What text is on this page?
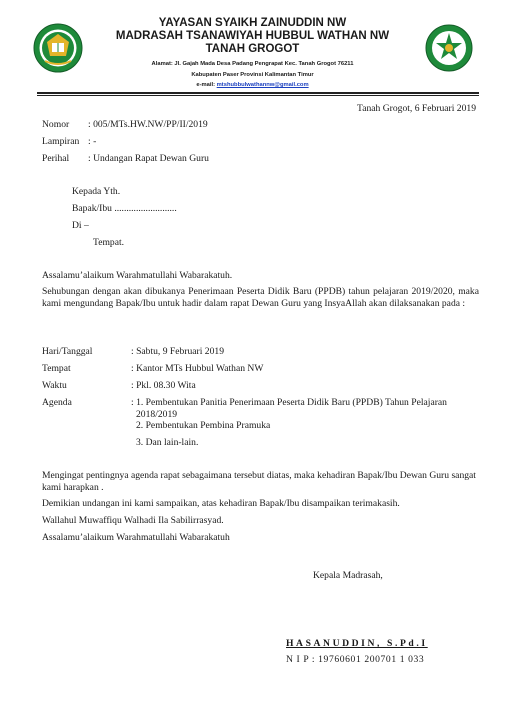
YAYASAN SYAIKH ZAINUDDIN NW
MADRASAH TSANAWIYAH HUBBUL WATHAN NW
TANAH GROGOT
Alamat: Jl. Gajah Mada Desa Padang Pengrapat Kec. Tanah Grogot 76211
Kabupaten Paser Provinsi Kalimantan Timur
e-mail: mtshubbulwathannw@gmail.com
Tanah Grogot, 6 Februari 2019
Nomor : 005/MTs.HW.NW/PP/II/2019
Lampiran : -
Perihal : Undangan Rapat Dewan Guru
Kepada Yth.
Bapak/Ibu ..........................
Di –
Tempat.
Assalamu’alaikum Warahmatullahi Wabarakatuh.
Sehubungan dengan akan dibukanya Penerimaan Peserta Didik Baru (PPDB) tahun pelajaran 2019/2020, maka kami mengundang Bapak/Ibu untuk hadir dalam rapat Dewan Guru yang InsyaAllah akan dilaksanakan pada :
Hari/Tanggal	: Sabtu, 9 Februari 2019
Tempat	: Kantor MTs Hubbul Wathan NW
Waktu	: Pkl. 08.30 Wita
Agenda	: 1. Pembentukan Panitia Penerimaan Peserta Didik Baru (PPDB) Tahun Pelajaran
2018/2019
2. Pembentukan Pembina Pramuka
3. Dan lain-lain.
Mengingat pentingnya agenda rapat sebagaimana tersebut diatas, maka kehadiran Bapak/Ibu Dewan Guru sangat kami harapkan .
Demikian undangan ini kami sampaikan, atas kehadiran Bapak/Ibu disampaikan terimakasih.
Wallahul Muwaffiqu Walhadi Ila Sabilirrasyad.
Assalamu’alaikum Warahmatullahi Wabarakatuh
Kepala Madrasah,
HASANUDDIN, S.Pd.I
N I P : 19760601 200701 1 033
